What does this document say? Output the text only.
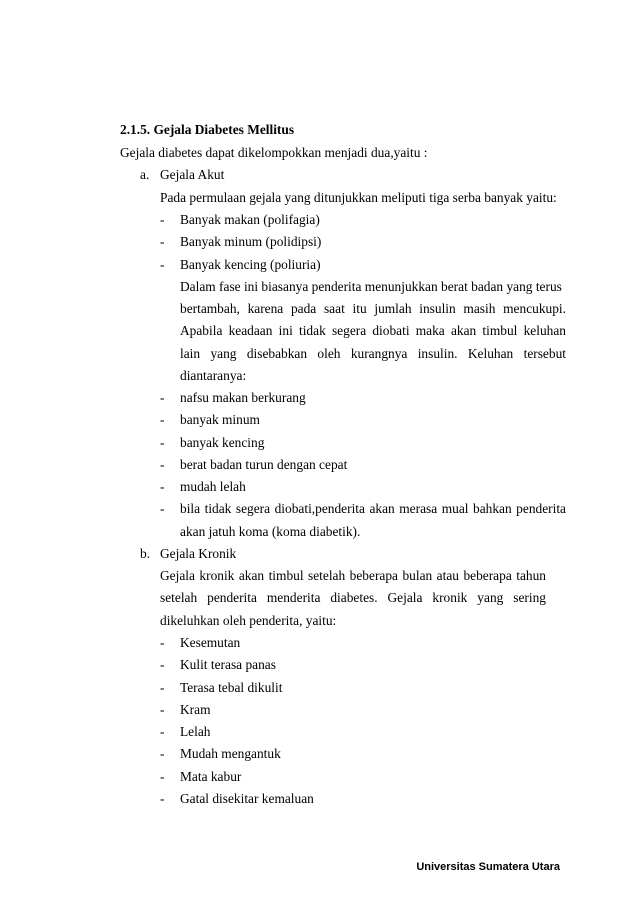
2.1.5. Gejala Diabetes Mellitus
Gejala diabetes dapat dikelompokkan menjadi dua,yaitu :
a. Gejala Akut
Pada permulaan gejala yang ditunjukkan meliputi tiga serba banyak yaitu:
- Banyak makan (polifagia)
- Banyak minum (polidipsi)
- Banyak kencing (poliuria)
Dalam fase ini biasanya penderita menunjukkan berat badan yang terus
bertambah, karena pada saat itu jumlah insulin masih mencukupi.
Apabila keadaan ini tidak segera diobati maka akan timbul keluhan
lain yang disebabkan oleh kurangnya insulin. Keluhan tersebut
diantaranya:
- nafsu makan berkurang
- banyak minum
- banyak kencing
- berat badan turun dengan cepat
- mudah lelah
- bila tidak segera diobati,penderita akan merasa mual bahkan penderita
akan jatuh koma (koma diabetik).
b. Gejala Kronik
Gejala kronik akan timbul setelah beberapa bulan atau beberapa tahun
setelah penderita menderita diabetes. Gejala kronik yang sering
dikeluhkan oleh penderita, yaitu:
- Kesemutan
- Kulit terasa panas
- Terasa tebal dikulit
- Kram
- Lelah
- Mudah mengantuk
- Mata kabur
- Gatal disekitar kemaluan
Universitas Sumatera Utara
